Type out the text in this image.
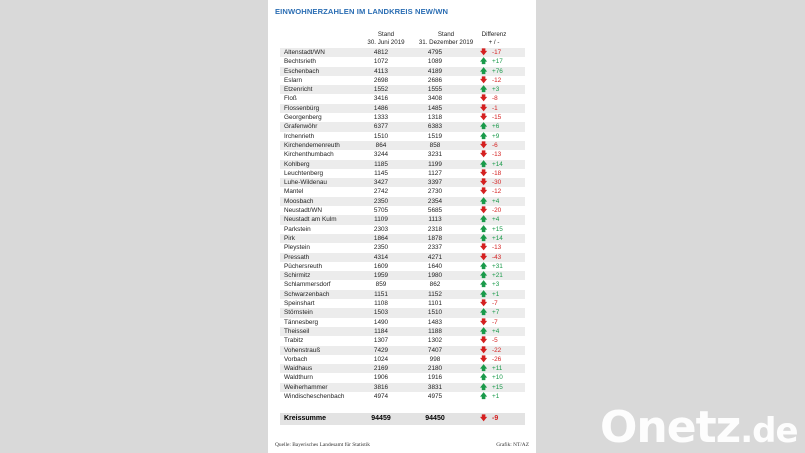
EINWOHNERZAHLEN IM LANDKREIS NEW/WN
Stand
30. Juni 2019
Stand
31. Dezember 2019
Differenz
+ / -
Altenstadt/WN	4812	4795	🡇 -17
Bechtsrieth	1072	1089	🡅 +17
Eschenbach	4113	4189	🡅 +76
Eslarn	2698	2686	🡇 -12
Etzenricht	1552	1555	🡅 +3
Floß	3416	3408	🡇 -8
Flossenbürg	1486	1485	🡇 -1
Georgenberg	1333	1318	🡇 -15
Grafenwöhr	6377	6383	🡅 +6
Irchenrieth	1510	1519	🡅 +9
Kirchendemenreuth	864	858	🡇 -6
Kirchenthumbach	3244	3231	🡇 -13
Kohlberg	1185	1199	🡅 +14
Leuchtenberg	1145	1127	🡇 -18
Luhe-Wildenau	3427	3397	🡇 -30
Mantel	2742	2730	🡇 -12
Moosbach	2350	2354	🡅 +4
Neustadt/WN	5705	5685	🡇 -20
Neustadt am Kulm	1109	1113	🡅 +4
Parkstein	2303	2318	🡅 +15
Pirk	1864	1878	🡅 +14
Pleystein	2350	2337	🡇 -13
Pressath	4314	4271	🡇 -43
Püchersreuth	1609	1640	🡅 +31
Schirmitz	1959	1980	🡅 +21
Schlammersdorf	859	862	🡅 +3
Schwarzenbach	1151	1152	🡅 +1
Speinshart	1108	1101	🡇 -7
Störnstein	1503	1510	🡅 +7
Tännesberg	1490	1483	🡇 -7
Theisseil	1184	1188	🡅 +4
Trabitz	1307	1302	🡇 -5
Vohenstrauß	7429	7407	🡇 -22
Vorbach	1024	998	🡇 -26
Waidhaus	2169	2180	🡅 +11
Waldthurn	1906	1916	🡅 +10
Weiherhammer	3816	3831	🡅 +15
Windischeschenbach	4974	4975	🡅 +1
Kreissumme	94459	94450	🡇 -9
Quelle: Bayerisches Landesamt für Statistik	Grafik: NT/AZ Onetz.de
